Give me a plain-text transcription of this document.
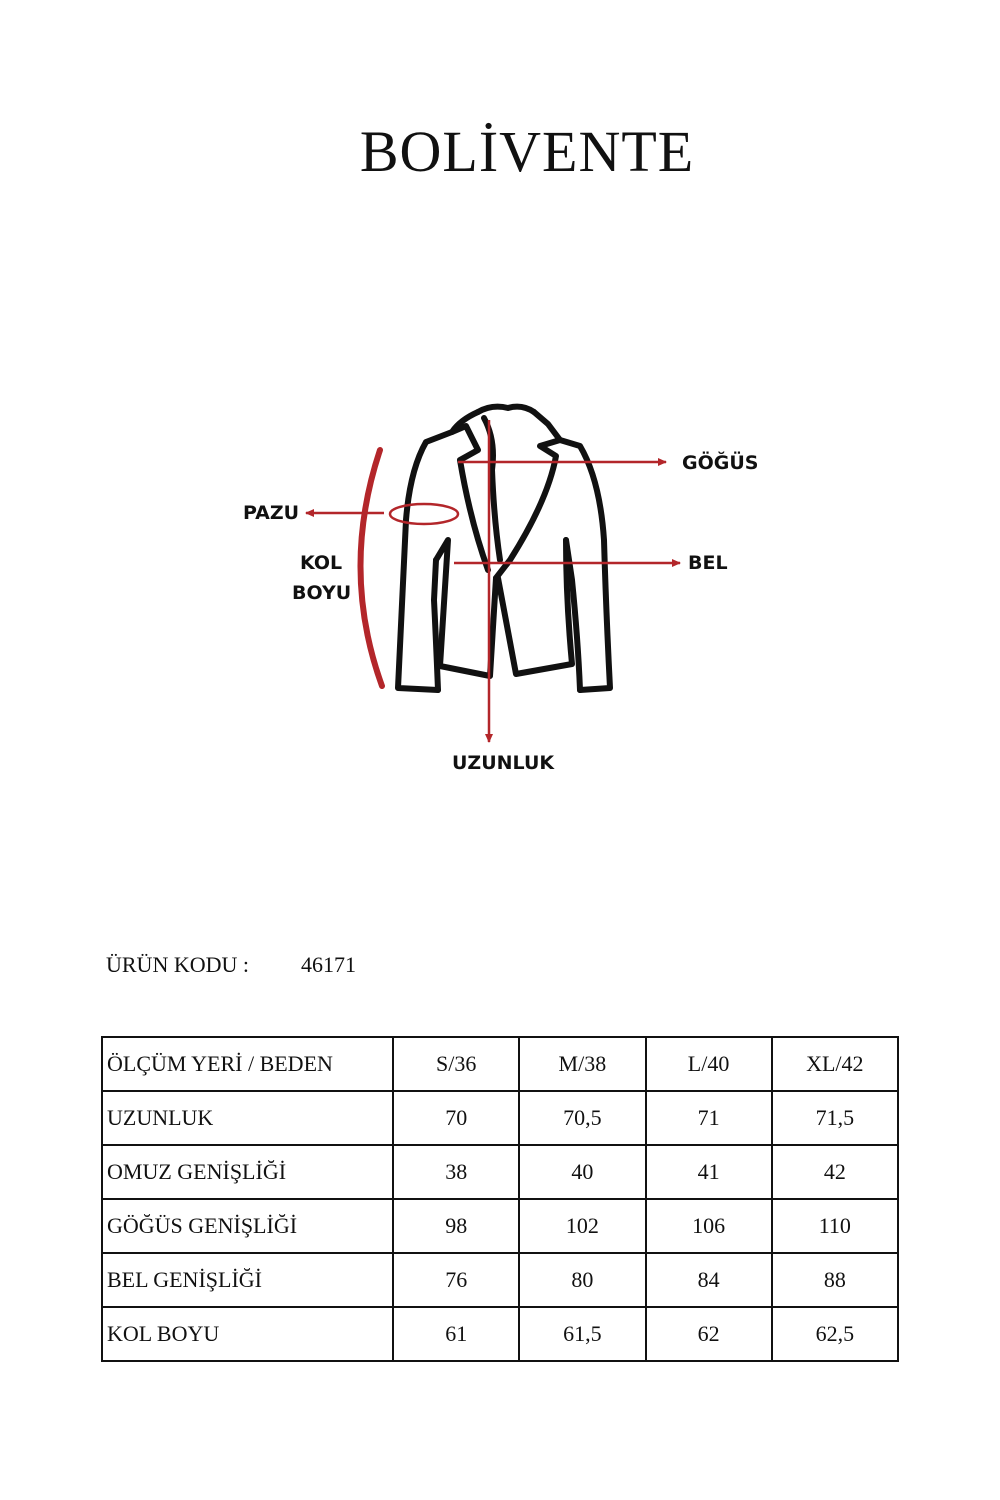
BOLİVENTE
GÖĞÜS
PAZU
KOL
BOYU
BEL
UZUNLUK
ÜRÜN KODU : 46171
ÖLÇÜM YERİ / BEDEN	S/36	M/38	L/40	XL/42
UZUNLUK	70	70,5	71	71,5
OMUZ GENİŞLİĞİ	38	40	41	42
GÖĞÜS GENİŞLİĞİ	98	102	106	110
BEL GENİŞLİĞİ	76	80	84	88
KOL BOYU	61	61,5	62	62,5
